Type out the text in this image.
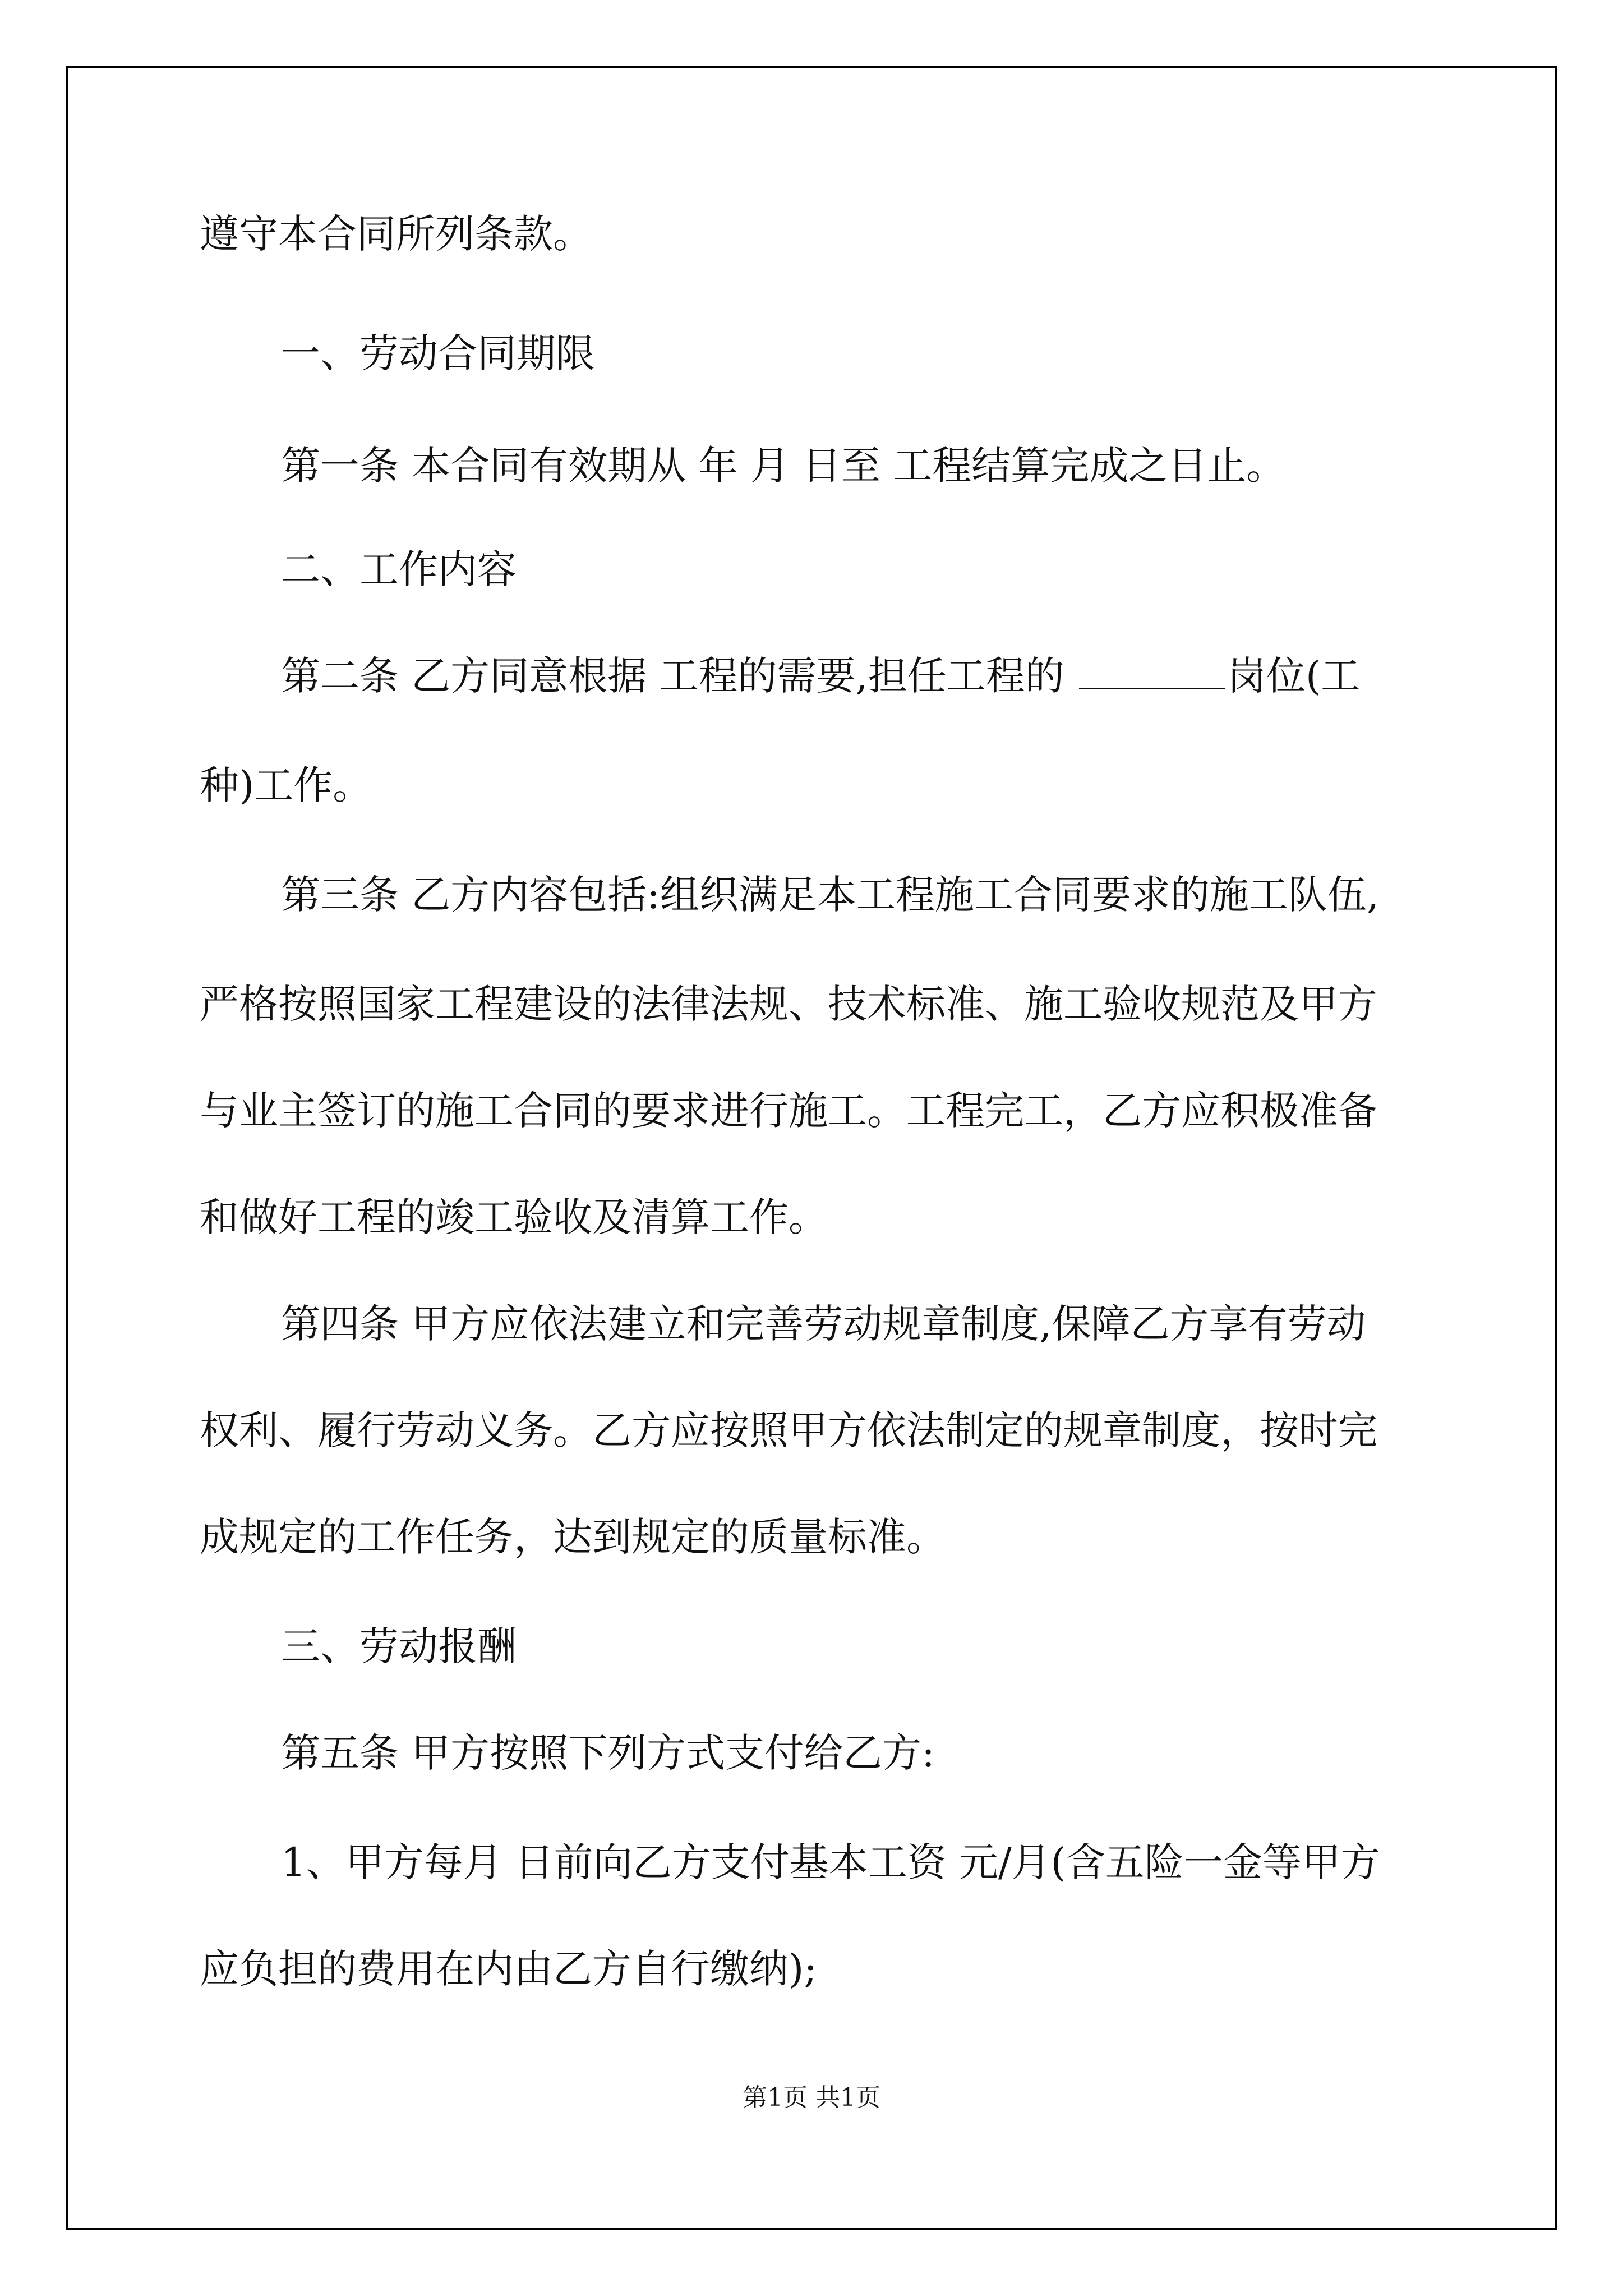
遵守本合同所列条款。
一、劳动合同期限
第一条 本合同有效期从 年 月 日至 工程结算完成之日止。
二、工作内容
第二条 乙方同意根据 工程的需要,担任工程的	岗位(工
种)工作。
第三条 乙方内容包括:组织满足本工程施工合同要求的施工队伍,
严格按照国家工程建设的法律法规、技术标准、施工验收规范及甲方
与业主签订的施工合同的要求进行施工。工程完工，乙方应积极准备
和做好工程的竣工验收及清算工作。
第四条 甲方应依法建立和完善劳动规章制度,保障乙方享有劳动
权利、履行劳动义务。乙方应按照甲方依法制定的规章制度，按时完
成规定的工作任务，达到规定的质量标准。
三、劳动报酬
第五条 甲方按照下列方式支付给乙方:
1、甲方每月 日前向乙方支付基本工资 元/月(含五险一金等甲方
应负担的费用在内由乙方自行缴纳);
第1页 共1页
